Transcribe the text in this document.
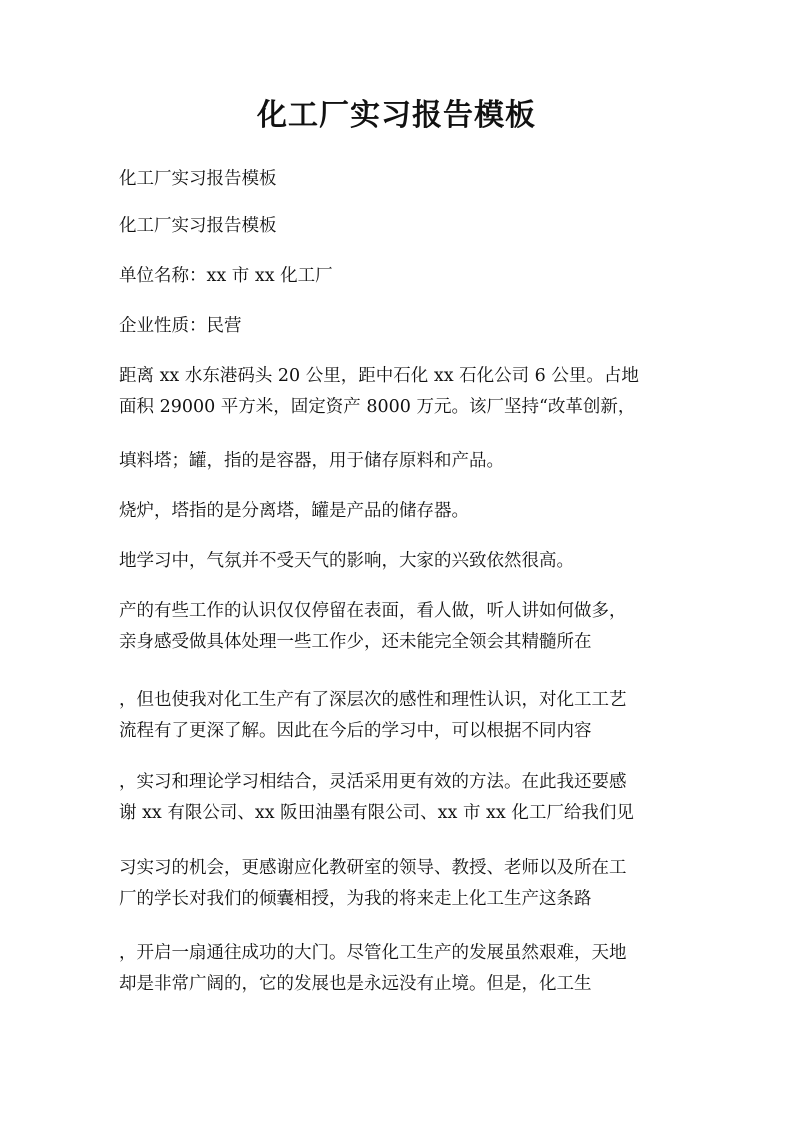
化工厂实习报告模板
化工厂实习报告模板
化工厂实习报告模板
单位名称：xx 市 xx 化工厂
企业性质：民营
距离 xx 水东港码头 20 公里，距中石化 xx 石化公司 6 公里。占地
面积 29000 平方米，固定资产 8000 万元。该厂坚持“改革创新，
填料塔；罐，指的是容器，用于储存原料和产品。
烧炉，塔指的是分离塔，罐是产品的储存器。
地学习中，气氛并不受天气的影响，大家的兴致依然很高。
产的有些工作的认识仅仅停留在表面，看人做，听人讲如何做多，
亲身感受做具体处理一些工作少，还未能完全领会其精髓所在
，但也使我对化工生产有了深层次的感性和理性认识，对化工工艺
流程有了更深了解。因此在今后的学习中，可以根据不同内容
，实习和理论学习相结合，灵活采用更有效的方法。在此我还要感
谢 xx 有限公司、xx 阪田油墨有限公司、xx 市 xx 化工厂给我们见
习实习的机会，更感谢应化教研室的领导、教授、老师以及所在工
厂的学长对我们的倾囊相授，为我的将来走上化工生产这条路
，开启一扇通往成功的大门。尽管化工生产的发展虽然艰难，天地
却是非常广阔的，它的发展也是永远没有止境。但是，化工生
